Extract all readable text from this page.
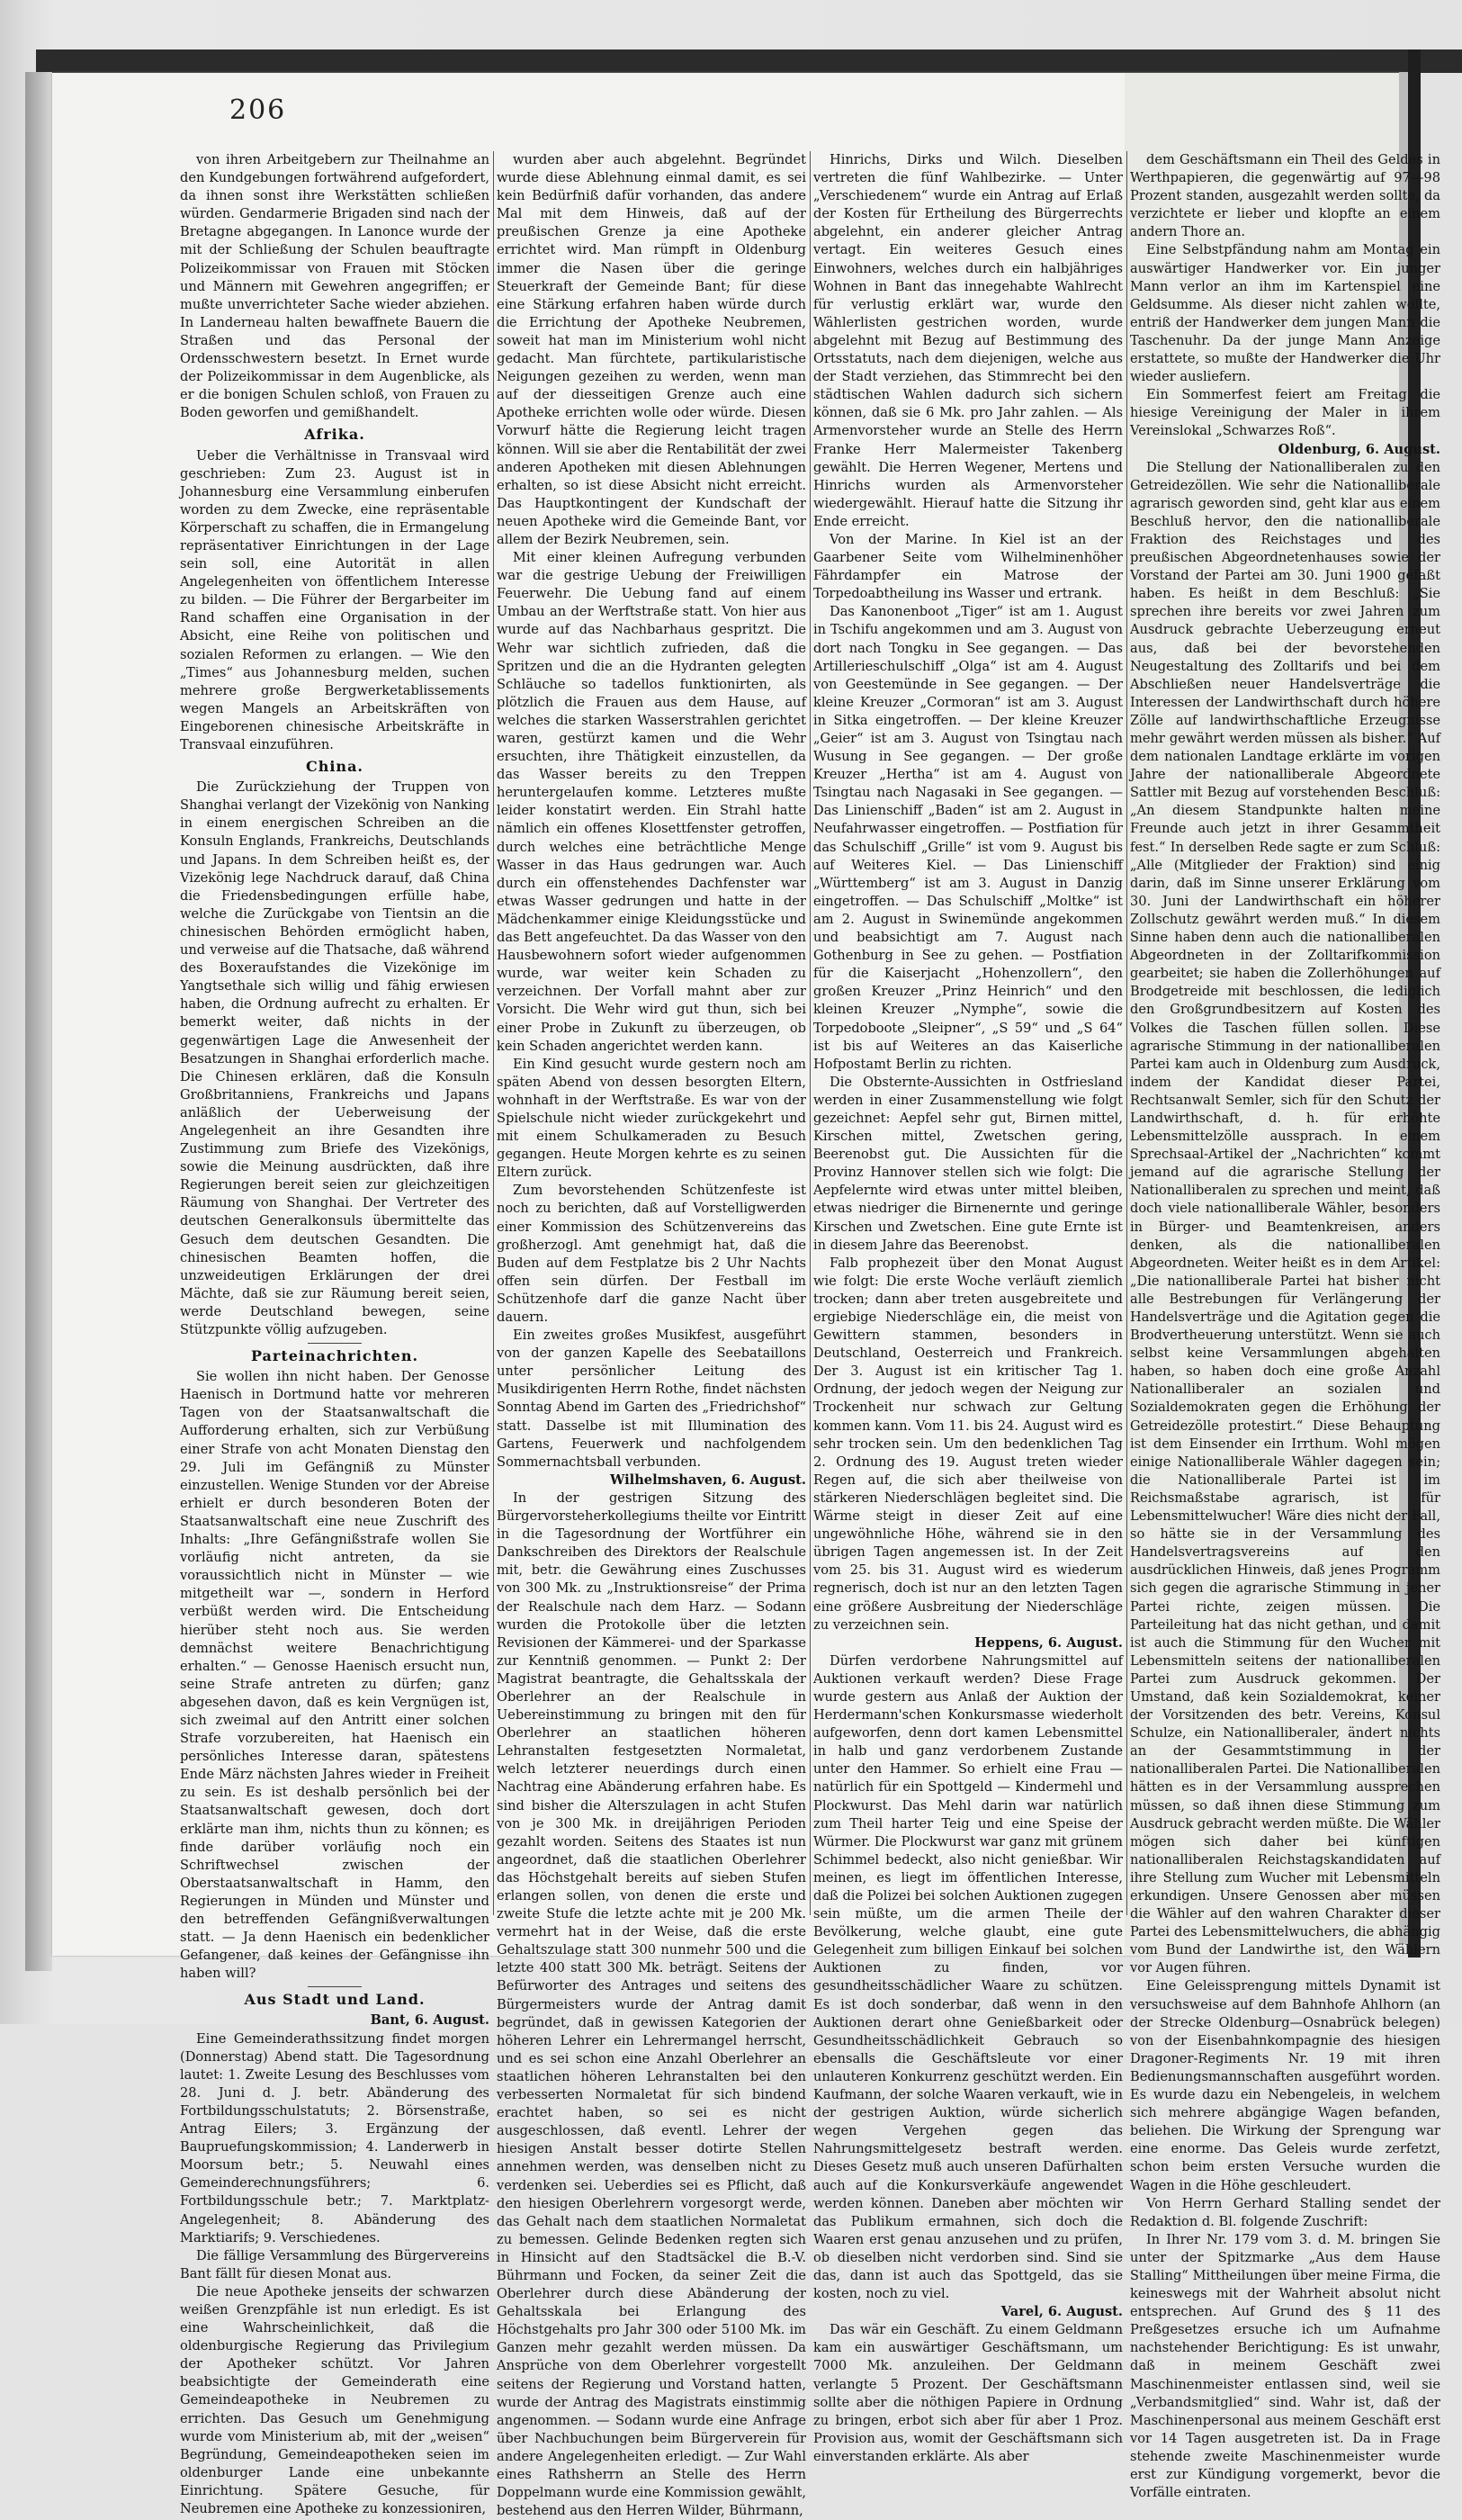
206

von ihren Arbeitgebern zur Theilnahme an den Kundgebungen fortwährend aufgefordert, da ihnen sonst ihre Werkstätten schließen würden. Gendarmerie Brigaden sind nach der Bretagne abgegangen. In Lanonce wurde der mit der Schließung der Schulen beauftragte Polizeikommissar von Frauen mit Stöcken und Männern mit Gewehren angegriffen; er mußte unverrichteter Sache wieder abziehen. In Landerneau halten bewaffnete Bauern die Straßen und das Personal der Ordensschwestern besetzt. In Ernet wurde der Polizeikommissar in dem Augenblicke, als er die bonigen Schulen schloß, von Frauen zu Boden geworfen und gemißhandelt.

Afrika.

Ueber die Verhältnisse in Transvaal wird geschrieben: Zum 23. August ist in Johannesburg eine Versammlung einberufen worden zu dem Zwecke, eine repräsentable Körperschaft zu schaffen, die in Ermangelung repräsentativer Einrichtungen in der Lage sein soll, eine Autorität in allen Angelegenheiten von öffentlichem Interesse zu bilden. — Die Führer der Bergarbeiter im Rand schaffen eine Organisation in der Absicht, eine Reihe von politischen und sozialen Reformen zu erlangen. — Wie den „Times“ aus Johannesburg melden, suchen mehrere große Bergwerketablissements wegen Mangels an Arbeitskräften von Eingeborenen chinesische Arbeitskräfte in Transvaal einzuführen.

China.

Die Zurückziehung der Truppen von Shanghai verlangt der Vizekönig von Nanking in einem energischen Schreiben an die Konsuln Englands, Frankreichs, Deutschlands und Japans. In dem Schreiben heißt es, der Vizekönig lege Nachdruck darauf, daß China die Friedensbedingungen erfülle habe, welche die Zurückgabe von Tientsin an die chinesischen Behörden ermöglicht haben, und verweise auf die Thatsache, daß während des Boxeraufstandes die Vizekönige im Yangtsethale sich willig und fähig erwiesen haben, die Ordnung aufrecht zu erhalten. Er bemerkt weiter, daß nichts in der gegenwärtigen Lage die Anwesenheit der Besatzungen in Shanghai erforderlich mache. Die Chinesen erklären, daß die Konsuln Großbritanniens, Frankreichs und Japans anläßlich der Ueberweisung der Angelegenheit an ihre Gesandten ihre Zustimmung zum Briefe des Vizekönigs, sowie die Meinung ausdrückten, daß ihre Regierungen bereit seien zur gleichzeitigen Räumung von Shanghai. Der Vertreter des deutschen Generalkonsuls übermittelte das Gesuch dem deutschen Gesandten. Die chinesischen Beamten hoffen, die unzweideutigen Erklärungen der drei Mächte, daß sie zur Räumung bereit seien, werde Deutschland bewegen, seine Stützpunkte völlig aufzugeben.

Parteinachrichten.

Sie wollen ihn nicht haben. Der Genosse Haenisch in Dortmund hatte vor mehreren Tagen von der Staatsanwaltschaft die Aufforderung erhalten, sich zur Verbüßung einer Strafe von acht Monaten Dienstag den 29. Juli im Gefängniß zu Münster einzustellen. Wenige Stunden vor der Abreise erhielt er durch besonderen Boten der Staatsanwaltschaft eine neue Zuschrift des Inhalts: „Ihre Gefängnißstrafe wollen Sie vorläufig nicht antreten, da sie voraussichtlich nicht in Münster — wie mitgetheilt war —, sondern in Herford verbüßt werden wird. Die Entscheidung hierüber steht noch aus. Sie werden demnächst weitere Benachrichtigung erhalten.“ — Genosse Haenisch ersucht nun, seine Strafe antreten zu dürfen; ganz abgesehen davon, daß es kein Vergnügen ist, sich zweimal auf den Antritt einer solchen Strafe vorzubereiten, hat Haenisch ein persönliches Interesse daran, spätestens Ende März nächsten Jahres wieder in Freiheit zu sein. Es ist deshalb persönlich bei der Staatsanwaltschaft gewesen, doch dort erklärte man ihm, nichts thun zu können; es finde darüber vorläufig noch ein Schriftwechsel zwischen der Oberstaatsanwaltschaft in Hamm, den Regierungen in Münden und Münster und den betreffenden Gefängnißverwaltungen statt. — Ja denn Haenisch ein bedenklicher Gefangener, daß keines der Gefängnisse ihn haben will?

Aus Stadt und Land.

Bant, 6. August.

Eine Gemeinderathssitzung findet morgen (Donnerstag) Abend statt. Die Tagesordnung lautet: 1. Zweite Lesung des Beschlusses vom 28. Juni d. J. betr. Abänderung des Fortbildungsschulstatuts; 2. Börsenstraße, Antrag Eilers; 3. Ergänzung der Baupruefungskommission; 4. Landerwerb in Moorsum betr.; 5. Neuwahl eines Gemeinderechnungsführers; 6. Fortbildungsschule betr.; 7. Marktplatz-Angelegenheit; 8. Abänderung des Marktiarifs; 9. Verschiedenes.

Die fällige Versammlung des Bürgervereins Bant fällt für diesen Monat aus.

Die neue Apotheke jenseits der schwarzen weißen Grenzpfähle ist nun erledigt. Es ist eine Wahrscheinlichkeit, daß die oldenburgische Regierung das Privilegium der Apotheker schützt. Vor Jahren beabsichtigte der Gemeinderath eine Gemeindeapotheke in Neubremen zu errichten. Das Gesuch um Genehmigung wurde vom Ministerium ab, mit der „weisen“ Begründung, Gemeindeapotheken seien im oldenburger Lande eine unbekannte Einrichtung. Spätere Gesuche, für Neubremen eine Apotheke zu konzessioniren,

wurden aber auch abgelehnt. Begründet wurde diese Ablehnung einmal damit, es sei kein Bedürfniß dafür vorhanden, das andere Mal mit dem Hinweis, daß auf der preußischen Grenze ja eine Apotheke errichtet wird. Man rümpft in Oldenburg immer die Nasen über die geringe Steuerkraft der Gemeinde Bant; für diese eine Stärkung erfahren haben würde durch die Errichtung der Apotheke Neubremen, soweit hat man im Ministerium wohl nicht gedacht. Man fürchtete, partikularistische Neigungen gezeihen zu werden, wenn man auf der diesseitigen Grenze auch eine Apotheke errichten wolle oder würde. Diesen Vorwurf hätte die Regierung leicht tragen können. Will sie aber die Rentabilität der zwei anderen Apotheken mit diesen Ablehnungen erhalten, so ist diese Absicht nicht erreicht. Das Hauptkontingent der Kundschaft der neuen Apotheke wird die Gemeinde Bant, vor allem der Bezirk Neubremen, sein.

Mit einer kleinen Aufregung verbunden war die gestrige Uebung der Freiwilligen Feuerwehr. Die Uebung fand auf einem Umbau an der Werftstraße statt. Von hier aus wurde auf das Nachbarhaus gespritzt. Die Wehr war sichtlich zufrieden, daß die Spritzen und die an die Hydranten gelegten Schläuche so tadellos funktionirten, als plötzlich die Frauen aus dem Hause, auf welches die starken Wasserstrahlen gerichtet waren, gestürzt kamen und die Wehr ersuchten, ihre Thätigkeit einzustellen, da das Wasser bereits zu den Treppen heruntergelaufen komme. Letzteres mußte leider konstatirt werden. Ein Strahl hatte nämlich ein offenes Klosettfenster getroffen, durch welches eine beträchtliche Menge Wasser in das Haus gedrungen war. Auch durch ein offenstehendes Dachfenster war etwas Wasser gedrungen und hatte in der Mädchenkammer einige Kleidungsstücke und das Bett angefeuchtet. Da das Wasser von den Hausbewohnern sofort wieder aufgenommen wurde, war weiter kein Schaden zu verzeichnen. Der Vorfall mahnt aber zur Vorsicht. Die Wehr wird gut thun, sich bei einer Probe in Zukunft zu überzeugen, ob kein Schaden angerichtet werden kann.

Ein Kind gesucht wurde gestern noch am späten Abend von dessen besorgten Eltern, wohnhaft in der Werftstraße. Es war von der Spielschule nicht wieder zurückgekehrt und mit einem Schulkameraden zu Besuch gegangen. Heute Morgen kehrte es zu seinen Eltern zurück.

Zum bevorstehenden Schützenfeste ist noch zu berichten, daß auf Vorstelligwerden einer Kommission des Schützenvereins das großherzogl. Amt genehmigt hat, daß die Buden auf dem Festplatze bis 2 Uhr Nachts offen sein dürfen. Der Festball im Schützenhofe darf die ganze Nacht über dauern.

Ein zweites großes Musikfest, ausgeführt von der ganzen Kapelle des Seebataillons unter persönlicher Leitung des Musikdirigenten Herrn Rothe, findet nächsten Sonntag Abend im Garten des „Friedrichshof“ statt. Dasselbe ist mit Illumination des Gartens, Feuerwerk und nachfolgendem Sommernachtsball verbunden.

Wilhelmshaven, 6. August.

In der gestrigen Sitzung des Bürgervorsteherkollegiums theilte vor Eintritt in die Tagesordnung der Wortführer ein Dankschreiben des Direktors der Realschule mit, betr. die Gewährung eines Zuschusses von 300 Mk. zu „Instruktionsreise“ der Prima der Realschule nach dem Harz. — Sodann wurden die Protokolle über die letzten Revisionen der Kämmerei- und der Sparkasse zur Kenntniß genommen. — Punkt 2: Der Magistrat beantragte, die Gehaltsskala der Oberlehrer an der Realschule in Uebereinstimmung zu bringen mit den für Oberlehrer an staatlichen höheren Lehranstalten festgesetzten Normaletat, welch letzterer neuerdings durch einen Nachtrag eine Abänderung erfahren habe. Es sind bisher die Alterszulagen in acht Stufen von je 300 Mk. in dreijährigen Perioden gezahlt worden. Seitens des Staates ist nun angeordnet, daß die staatlichen Oberlehrer das Höchstgehalt bereits auf sieben Stufen erlangen sollen, von denen die erste und zweite Stufe die letzte achte mit je 200 Mk. vermehrt hat in der Weise, daß die erste Gehaltszulage statt 300 nunmehr 500 und die letzte 400 statt 300 Mk. beträgt. Seitens der Befürworter des Antrages und seitens des Bürgermeisters wurde der Antrag damit begründet, daß in gewissen Kategorien der höheren Lehrer ein Lehrermangel herrscht, und es sei schon eine Anzahl Oberlehrer an staatlichen höheren Lehranstalten bei den verbesserten Normaletat für sich bindend erachtet haben, so sei es nicht ausgeschlossen, daß eventl. Lehrer der hiesigen Anstalt besser dotirte Stellen annehmen werden, was denselben nicht zu verdenken sei. Ueberdies sei es Pflicht, daß den hiesigen Oberlehrern vorgesorgt werde, das Gehalt nach dem staatlichen Normaletat zu bemessen. Gelinde Bedenken regten sich in Hinsicht auf den Stadtsäckel die B.-V. Bührmann und Focken, da seiner Zeit die Oberlehrer durch diese Abänderung der Gehaltsskala bei Erlangung des Höchstgehalts pro Jahr 300 oder 5100 Mk. im Ganzen mehr gezahlt werden müssen. Da Ansprüche von dem Oberlehrer vorgestellt seitens der Regierung und Vorstand hatten, wurde der Antrag des Magistrats einstimmig angenommen. — Sodann wurde eine Anfrage über Nachbuchungen beim Bürgerverein für andere Angelegenheiten erledigt. — Zur Wahl eines Rathsherrn an Stelle des Herrn Doppelmann wurde eine Kommission gewählt, bestehend aus den Herren Wilder, Bührmann,

Hinrichs, Dirks und Wilch. Dieselben vertreten die fünf Wahlbezirke. — Unter „Verschiedenem“ wurde ein Antrag auf Erlaß der Kosten für Ertheilung des Bürgerrechts abgelehnt, ein anderer gleicher Antrag vertagt. Ein weiteres Gesuch eines Einwohners, welches durch ein halbjähriges Wohnen in Bant das innegehabte Wahlrecht für verlustig erklärt war, wurde den Wählerlisten gestrichen worden, wurde abgelehnt mit Bezug auf Bestimmung des Ortsstatuts, nach dem diejenigen, welche aus der Stadt verziehen, das Stimmrecht bei den städtischen Wahlen dadurch sich sichern können, daß sie 6 Mk. pro Jahr zahlen. — Als Armenvorsteher wurde an Stelle des Herrn Franke Herr Malermeister Takenberg gewählt. Die Herren Wegener, Mertens und Hinrichs wurden als Armenvorsteher wiedergewählt. Hierauf hatte die Sitzung ihr Ende erreicht.

Von der Marine. In Kiel ist an der Gaarbener Seite vom Wilhelminenhöher Fährdampfer ein Matrose der Torpedoabtheilung ins Wasser und ertrank.

Das Kanonenboot „Tiger“ ist am 1. August in Tschifu angekommen und am 3. August von dort nach Tongku in See gegangen. — Das Artillerieschulschiff „Olga“ ist am 4. August von Geestemünde in See gegangen. — Der kleine Kreuzer „Cormoran“ ist am 3. August in Sitka eingetroffen. — Der kleine Kreuzer „Geier“ ist am 3. August von Tsingtau nach Wusung in See gegangen. — Der große Kreuzer „Hertha“ ist am 4. August von Tsingtau nach Nagasaki in See gegangen. — Das Linienschiff „Baden“ ist am 2. August in Neufahrwasser eingetroffen. — Postfiation für das Schulschiff „Grille“ ist vom 9. August bis auf Weiteres Kiel. — Das Linienschiff „Württemberg“ ist am 3. August in Danzig eingetroffen. — Das Schulschiff „Moltke“ ist am 2. August in Swinemünde angekommen und beabsichtigt am 7. August nach Gothenburg in See zu gehen. — Postfiation für die Kaiserjacht „Hohenzollern“, den großen Kreuzer „Prinz Heinrich“ und den kleinen Kreuzer „Nymphe“, sowie die Torpedoboote „Sleipner“, „S 59“ und „S 64“ ist bis auf Weiteres an das Kaiserliche Hofpostamt Berlin zu richten.

Die Obsternte-Aussichten in Ostfriesland werden in einer Zusammenstellung wie folgt gezeichnet: Aepfel sehr gut, Birnen mittel, Kirschen mittel, Zwetschen gering, Beerenobst gut. Die Aussichten für die Provinz Hannover stellen sich wie folgt: Die Aepfelernte wird etwas unter mittel bleiben, etwas niedriger die Birnenernte und geringe Kirschen und Zwetschen. Eine gute Ernte ist in diesem Jahre das Beerenobst.

Falb prophezeit über den Monat August wie folgt: Die erste Woche verläuft ziemlich trocken; dann aber treten ausgebreitete und ergiebige Niederschläge ein, die meist von Gewittern stammen, besonders in Deutschland, Oesterreich und Frankreich. Der 3. August ist ein kritischer Tag 1. Ordnung, der jedoch wegen der Neigung zur Trockenheit nur schwach zur Geltung kommen kann. Vom 11. bis 24. August wird es sehr trocken sein. Um den bedenklichen Tag 2. Ordnung des 19. August treten wieder Regen auf, die sich aber theilweise von stärkeren Niederschlägen begleitet sind. Die Wärme steigt in dieser Zeit auf eine ungewöhnliche Höhe, während sie in den übrigen Tagen angemessen ist. In der Zeit vom 25. bis 31. August wird es wiederum regnerisch, doch ist nur an den letzten Tagen eine größere Ausbreitung der Niederschläge zu verzeichnen sein.

Heppens, 6. August.

Dürfen verdorbene Nahrungsmittel auf Auktionen verkauft werden? Diese Frage wurde gestern aus Anlaß der Auktion der Herdermann'schen Konkursmasse wiederholt aufgeworfen, denn dort kamen Lebensmittel in halb und ganz verdorbenem Zustande unter den Hammer. So erhielt eine Frau — natürlich für ein Spottgeld — Kindermehl und Plockwurst. Das Mehl darin war natürlich zum Theil harter Teig und eine Speise der Würmer. Die Plockwurst war ganz mit grünem Schimmel bedeckt, also nicht genießbar. Wir meinen, es liegt im öffentlichen Interesse, daß die Polizei bei solchen Auktionen zugegen sein müßte, um die armen Theile der Bevölkerung, welche glaubt, eine gute Gelegenheit zum billigen Einkauf bei solchen Auktionen zu finden, vor gesundheitsschädlicher Waare zu schützen. Es ist doch sonderbar, daß wenn in den Auktionen derart ohne Genießbarkeit oder Gesundheitsschädlichkeit Gebrauch so ebensalls die Geschäftsleute vor einer unlauteren Konkurrenz geschützt werden. Ein Kaufmann, der solche Waaren verkauft, wie in der gestrigen Auktion, würde sicherlich wegen Vergehen gegen das Nahrungsmittelgesetz bestraft werden. Dieses Gesetz muß auch unseren Dafürhalten auch auf die Konkursverkäufe angewendet werden können. Daneben aber möchten wir das Publikum ermahnen, sich doch die Waaren erst genau anzusehen und zu prüfen, ob dieselben nicht verdorben sind. Sind sie das, dann ist auch das Spottgeld, das sie kosten, noch zu viel.

Varel, 6. August.

Das wär ein Geschäft. Zu einem Geldmann kam ein auswärtiger Geschäftsmann, um 7000 Mk. anzuleihen. Der Geldmann verlangte 5 Prozent. Der Geschäftsmann sollte aber die nöthigen Papiere in Ordnung zu bringen, erbot sich aber für aber 1 Proz. Provision aus, womit der Geschäftsmann sich einverstanden erklärte. Als aber

dem Geschäftsmann ein Theil des Geldes in Werthpapieren, die gegenwärtig auf 97—98 Prozent standen, ausgezahlt werden sollte, da verzichtete er lieber und klopfte an einem andern Thore an.

Eine Selbstpfändung nahm am Montag ein auswärtiger Handwerker vor. Ein junger Mann verlor an ihm im Kartenspiel eine Geldsumme. Als dieser nicht zahlen wollte, entriß der Handwerker dem jungen Mann die Taschenuhr. Da der junge Mann Anzeige erstattete, so mußte der Handwerker die Uhr wieder ausliefern.

Ein Sommerfest feiert am Freitag die hiesige Vereinigung der Maler in ihrem Vereinslokal „Schwarzes Roß“.

Oldenburg, 6. August.

Die Stellung der Nationalliberalen zu den Getreidezöllen. Wie sehr die Nationalliberale agrarisch geworden sind, geht klar aus einem Beschluß hervor, den die nationalliberale Fraktion des Reichstages und des preußischen Abgeordnetenhauses sowie der Vorstand der Partei am 30. Juni 1900 gefaßt haben. Es heißt in dem Beschluß: „Sie sprechen ihre bereits vor zwei Jahren zum Ausdruck gebrachte Ueberzeugung erneut aus, daß bei der bevorstehenden Neugestaltung des Zolltarifs und bei dem Abschließen neuer Handelsverträge die Interessen der Landwirthschaft durch höhere Zölle auf landwirthschaftliche Erzeugnisse mehr gewährt werden müssen als bisher.“ Auf dem nationalen Landtage erklärte im vorigen Jahre der nationalliberale Abgeordnete Sattler mit Bezug auf vorstehenden Beschluß: „An diesem Standpunkte halten meine Freunde auch jetzt in ihrer Gesammtheit fest.“ In derselben Rede sagte er zum Schluß: „Alle (Mitglieder der Fraktion) sind einig darin, daß im Sinne unserer Erklärung vom 30. Juni der Landwirthschaft ein höherer Zollschutz gewährt werden muß.“ In diesem Sinne haben denn auch die nationalliberalen Abgeordneten in der Zolltarifkommission gearbeitet; sie haben die Zollerhöhungen auf Brodgetreide mit beschlossen, die lediglich den Großgrundbesitzern auf Kosten des Volkes die Taschen füllen sollen. Diese agrarische Stimmung in der nationalliberalen Partei kam auch in Oldenburg zum Ausdruck, indem der Kandidat dieser Partei, Rechtsanwalt Semler, sich für den Schutz der Landwirthschaft, d. h. für erhöhte Lebensmittelzölle aussprach. In einem Sprechsaal-Artikel der „Nachrichten“ kommt jemand auf die agrarische Stellung der Nationalliberalen zu sprechen und meint, daß doch viele nationalliberale Wähler, besonders in Bürger- und Beamtenkreisen, anders denken, als die nationalliberalen Abgeordneten. Weiter heißt es in dem Artikel: „Die nationalliberale Partei hat bisher nicht alle Bestrebungen für Verlängerung der Handelsverträge und die Agitation gegen die Brodvertheuerung unterstützt. Wenn sie auch selbst keine Versammlungen abgehalten haben, so haben doch eine große Anzahl Nationalliberaler an sozialen und Sozialdemokraten gegen die Erhöhung der Getreidezölle protestirt.“ Diese Behauptung ist dem Einsender ein Irrthum. Wohl mögen einige Nationalliberale Wähler dagegen sein; die Nationalliberale Partei ist im Reichsmaßstabe agrarisch, ist für Lebensmittelwucher! Wäre dies nicht der Fall, so hätte sie in der Versammlung des Handelsvertragsvereins auf den ausdrücklichen Hinweis, daß jenes Programm sich gegen die agrarische Stimmung in jener Partei richte, zeigen müssen. Die Parteileitung hat das nicht gethan, und damit ist auch die Stimmung für den Wucher mit Lebensmitteln seitens der nationalliberalen Partei zum Ausdruck gekommen. Der Umstand, daß kein Sozialdemokrat, keiner der Vorsitzenden des betr. Vereins, Konsul Schulze, ein Nationalliberaler, ändert nichts an der Gesammtstimmung in der nationalliberalen Partei. Die Nationalliberalen hätten es in der Versammlung aussprechen müssen, so daß ihnen diese Stimmung zum Ausdruck gebracht werden müßte. Die Wähler mögen sich daher bei künftigen nationalliberalen Reichstagskandidaten auf ihre Stellung zum Wucher mit Lebensmitteln erkundigen. Unsere Genossen aber müssen die Wähler auf den wahren Charakter dieser Partei des Lebensmittelwuchers, die abhängig vom Bund der Landwirthe ist, den Wählern vor Augen führen.

Eine Geleissprengung mittels Dynamit ist versuchsweise auf dem Bahnhofe Ahlhorn (an der Strecke Oldenburg—Osnabrück belegen) von der Eisenbahnkompagnie des hiesigen Dragoner-Regiments Nr. 19 mit ihren Bedienungsmannschaften ausgeführt worden. Es wurde dazu ein Nebengeleis, in welchem sich mehrere abgängige Wagen befanden, beliehen. Die Wirkung der Sprengung war eine enorme. Das Geleis wurde zerfetzt, schon beim ersten Versuche wurden die Wagen in die Höhe geschleudert.

Von Herrn Gerhard Stalling sendet der Redaktion d. Bl. folgende Zuschrift:

In Ihrer Nr. 179 vom 3. d. M. bringen Sie unter der Spitzmarke „Aus dem Hause Stalling“ Mittheilungen über meine Firma, die keineswegs mit der Wahrheit absolut nicht entsprechen. Auf Grund des § 11 des Preßgesetzes ersuche ich um Aufnahme nachstehender Berichtigung: Es ist unwahr, daß in meinem Geschäft zwei Maschinenmeister entlassen sind, weil sie „Verbandsmitglied“ sind. Wahr ist, daß der Maschinenpersonal aus meinem Geschäft erst vor 14 Tagen ausgetreten ist. Da in Frage stehende zweite Maschinenmeister wurde erst zur Kündigung vorgemerkt, bevor die Vorfälle eintraten.
